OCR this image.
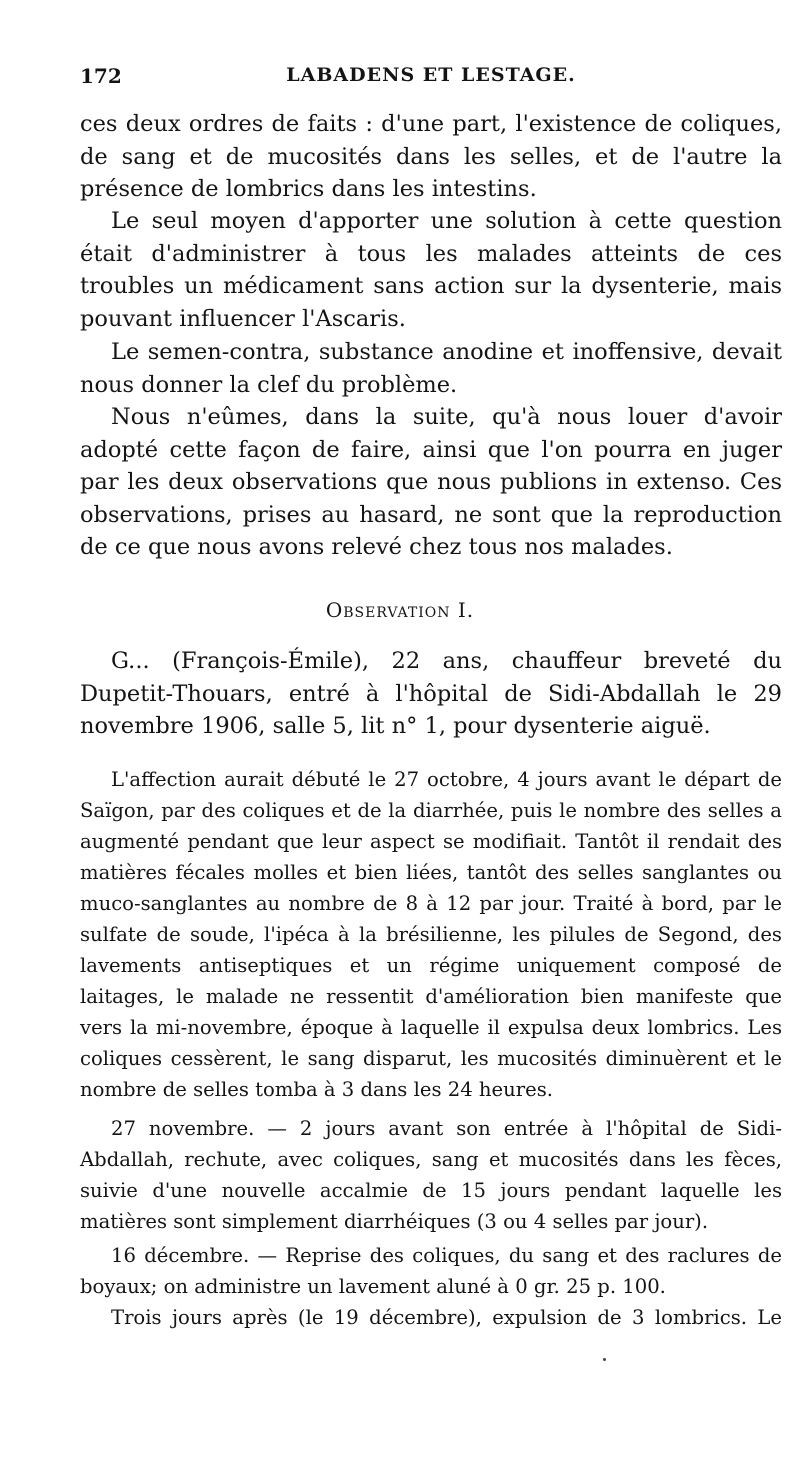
172	LABADENS ET LESTAGE.

ces deux ordres de faits : d'une part, l'existence de coliques, de sang et de mucosités dans les selles, et de l'autre la présence de lombrics dans les intestins.

Le seul moyen d'apporter une solution à cette question était d'administrer à tous les malades atteints de ces troubles un médicament sans action sur la dysenterie, mais pouvant influencer l'Ascaris.

Le semen-contra, substance anodine et inoffensive, devait nous donner la clef du problème.

Nous n'eûmes, dans la suite, qu'à nous louer d'avoir adopté cette façon de faire, ainsi que l'on pourra en juger par les deux observations que nous publions in extenso. Ces observations, prises au hasard, ne sont que la reproduction de ce que nous avons relevé chez tous nos malades.

Observation I.

G... (François-Émile), 22 ans, chauffeur breveté du Dupetit-Thouars, entré à l'hôpital de Sidi-Abdallah le 29 novembre 1906, salle 5, lit n° 1, pour dysenterie aiguë.

L'affection aurait débuté le 27 octobre, 4 jours avant le départ de Saïgon, par des coliques et de la diarrhée, puis le nombre des selles a augmenté pendant que leur aspect se modifiait. Tantôt il rendait des matières fécales molles et bien liées, tantôt des selles sanglantes ou muco-sanglantes au nombre de 8 à 12 par jour. Traité à bord, par le sulfate de soude, l'ipéca à la brésilienne, les pilules de Segond, des lavements antiseptiques et un régime uniquement composé de laitages, le malade ne ressentit d'amélioration bien manifeste que vers la mi-novembre, époque à laquelle il expulsa deux lombrics. Les coliques cessèrent, le sang disparut, les mucosités diminuèrent et le nombre de selles tomba à 3 dans les 24 heures.

27 novembre. — 2 jours avant son entrée à l'hôpital de Sidi-Abdallah, rechute, avec coliques, sang et mucosités dans les fèces, suivie d'une nouvelle accalmie de 15 jours pendant laquelle les matières sont simplement diarrhéiques (3 ou 4 selles par jour).

16 décembre. — Reprise des coliques, du sang et des raclures de boyaux; on administre un lavement aluné à 0 gr. 25 p. 100.

Trois jours après (le 19 décembre), expulsion de 3 lombrics. Le
